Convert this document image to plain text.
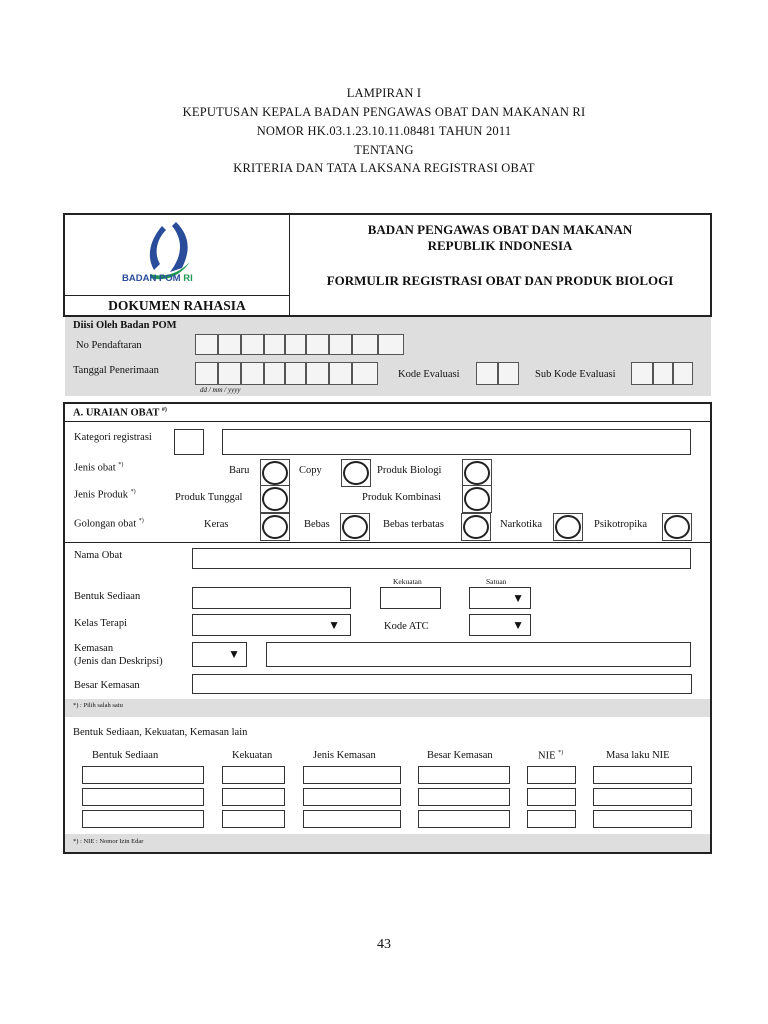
LAMPIRAN I
KEPUTUSAN KEPALA BADAN PENGAWAS OBAT DAN MAKANAN RI
NOMOR HK.03.1.23.10.11.08481 TAHUN 2011
TENTANG
KRITERIA DAN TATA LAKSANA REGISTRASI OBAT
BADAN POM RI
BADAN PENGAWAS OBAT DAN MAKANAN
REPUBLIK INDONESIA
FORMULIR REGISTRASI OBAT DAN PRODUK BIOLOGI
DOKUMEN RAHASIA
Diisi Oleh Badan POM
No Pendaftaran
Tanggal Penerimaan
dd / mm / yyyy
Kode Evaluasi	Sub Kode Evaluasi
A. URAIAN OBAT #)
Kategori registrasi
Jenis obat *)	Baru	Copy	Produk Biologi
Jenis Produk *)	Produk Tunggal	Produk Kombinasi
Golongan obat *)	Keras	Bebas	Bebas terbatas	Narkotika	Psikotropika
Nama Obat
Kekuatan	Satuan
Bentuk Sediaan	▼
Kelas Terapi	▼	Kode ATC	▼
Kemasan
(Jenis dan Deskripsi)
▼
Besar Kemasan
*) : Pilih salah satu
Bentuk Sediaan, Kekuatan, Kemasan lain
Bentuk Sediaan	Kekuatan	Jenis Kemasan	Besar Kemasan	NIE *)	Masa laku NIE
*) : NIE : Nomor Izin Edar
43
